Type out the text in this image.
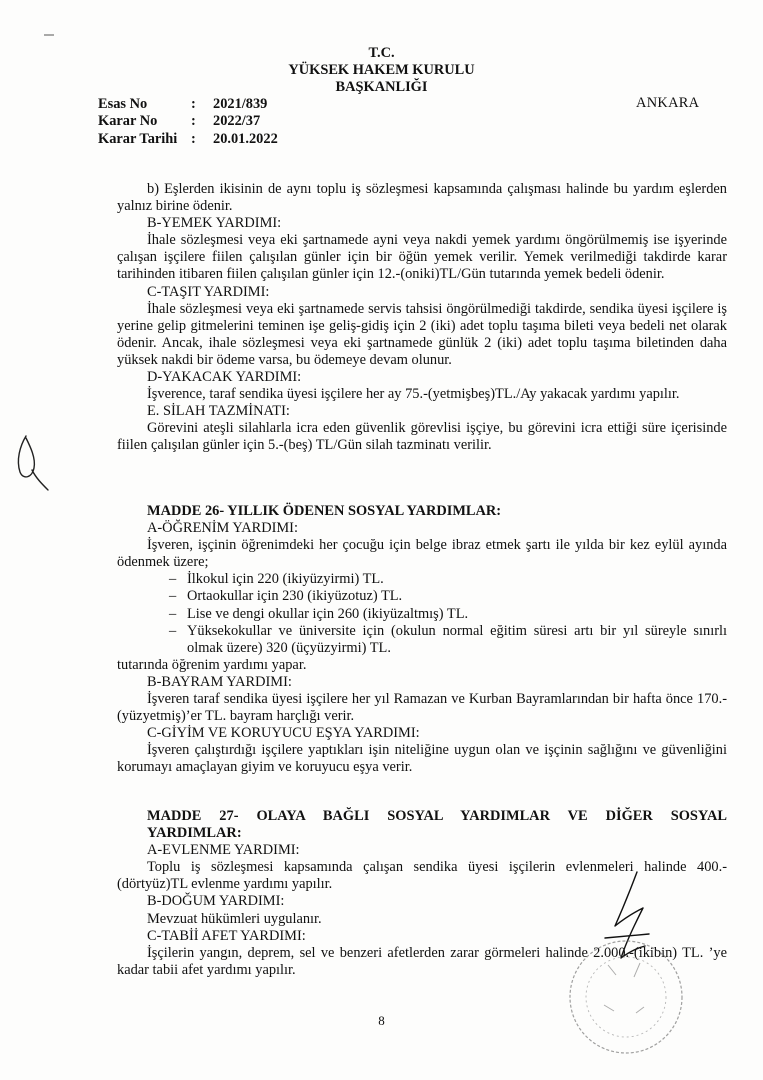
T.C.
YÜKSEK HAKEM KURULU
BAŞKANLIĞI
Esas No	: 2021/839
Karar No : 2022/37
Karar Tarihi : 20.01.2022
ANKARA

b) Eşlerden ikisinin de aynı toplu iş sözleşmesi kapsamında çalışması halinde bu yardım eşlerden yalnız birine ödenir.

B-YEMEK YARDIMI:

İhale sözleşmesi veya eki şartnamede ayni veya nakdi yemek yardımı öngörülmemiş ise işyerinde çalışan işçilere fiilen çalışılan günler için bir öğün yemek verilir. Yemek verilmediği takdirde karar tarihinden itibaren fiilen çalışılan günler için 12.-(oniki)TL/Gün tutarında yemek bedeli ödenir.

C-TAŞIT YARDIMI:

İhale sözleşmesi veya eki şartnamede servis tahsisi öngörülmediği takdirde, sendika üyesi işçilere iş yerine gelip gitmelerini teminen işe geliş-gidiş için 2 (iki) adet toplu taşıma bileti veya bedeli net olarak ödenir. Ancak, ihale sözleşmesi veya eki şartnamede günlük 2 (iki) adet toplu taşıma biletinden daha yüksek nakdi bir ödeme varsa, bu ödemeye devam olunur.

D-YAKACAK YARDIMI:

İşverence, taraf sendika üyesi işçilere her ay 75.-(yetmişbeş)TL./Ay yakacak yardımı yapılır.

E. SİLAH TAZMİNATI:

Görevini ateşli silahlarla icra eden güvenlik görevlisi işçiye, bu görevini icra ettiği süre içerisinde fiilen çalışılan günler için 5.-(beş) TL/Gün silah tazminatı verilir.

MADDE 26- YILLIK ÖDENEN SOSYAL YARDIMLAR:

A-ÖĞRENİM YARDIMI:

İşveren, işçinin öğrenimdeki her çocuğu için belge ibraz etmek şartı ile yılda bir kez eylül ayında ödenmek üzere;

– İlkokul için 220 (ikiyüzyirmi) TL.
– Ortaokullar için 230 (ikiyüzotuz) TL.
– Lise ve dengi okullar için 260 (ikiyüzaltmış) TL.
– Yüksekokullar ve üniversite için (okulun normal eğitim süresi artı bir yıl süreyle sınırlı olmak üzere) 320 (üçyüzyirmi) TL.

tutarında öğrenim yardımı yapar.

B-BAYRAM YARDIMI:

İşveren taraf sendika üyesi işçilere her yıl Ramazan ve Kurban Bayramlarından bir hafta önce 170.-(yüzyetmiş)’er TL. bayram harçlığı verir.

C-GİYİM VE KORUYUCU EŞYA YARDIMI:

İşveren çalıştırdığı işçilere yaptıkları işin niteliğine uygun olan ve işçinin sağlığını ve güvenliğini korumayı amaçlayan giyim ve koruyucu eşya verir.

MADDE 27- OLAYA BAĞLI SOSYAL YARDIMLAR VE DİĞER SOSYAL

YARDIMLAR:

A-EVLENME YARDIMI:

Toplu iş sözleşmesi kapsamında çalışan sendika üyesi işçilerin evlenmeleri halinde 400.-(dörtyüz)TL evlenme yardımı yapılır.

B-DOĞUM YARDIMI:

Mevzuat hükümleri uygulanır.

C-TABİİ AFET YARDIMI:

İşçilerin yangın, deprem, sel ve benzeri afetlerden zarar görmeleri halinde 2.000.-(ikibin) TL. ’ye kadar tabii afet yardımı yapılır.

8
